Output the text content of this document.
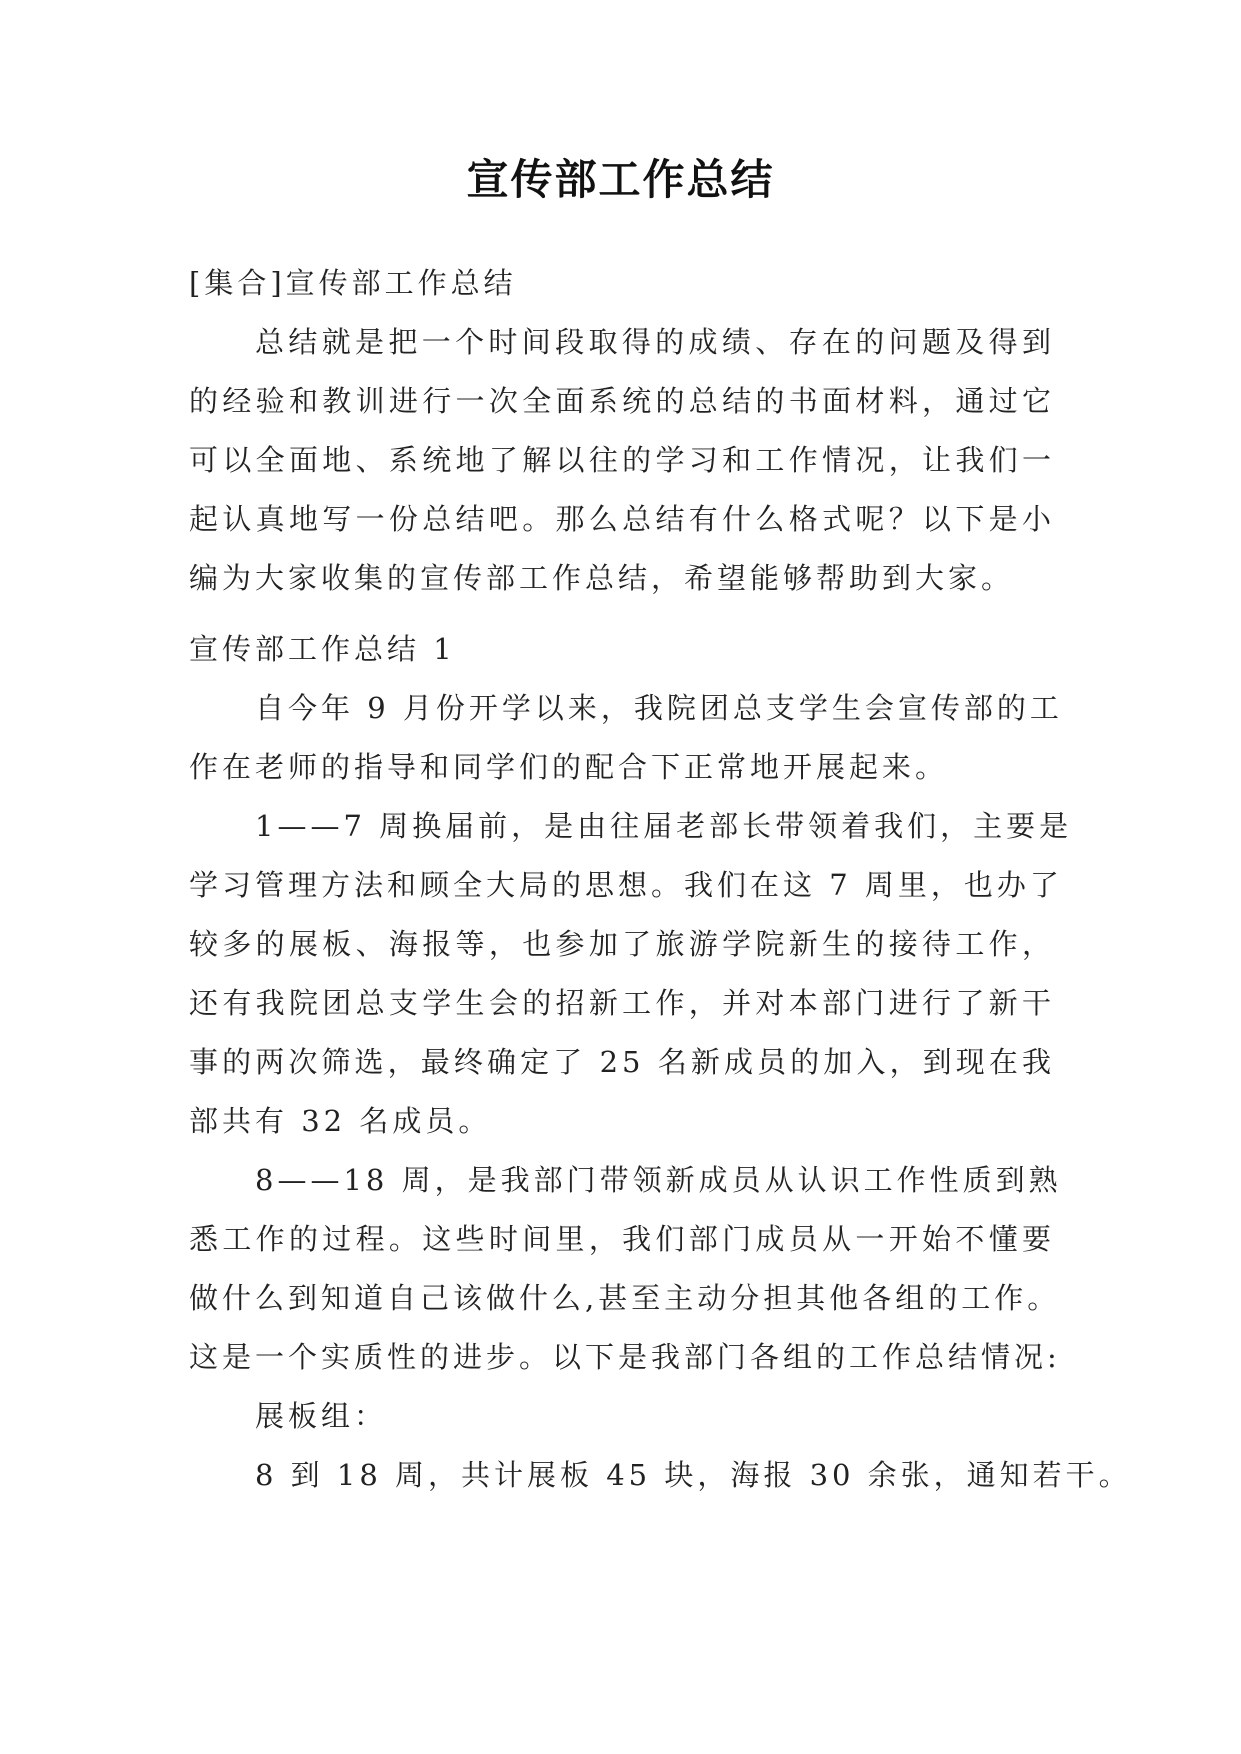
宣传部工作总结
[集合]宣传部工作总结
总结就是把一个时间段取得的成绩、存在的问题及得到
的经验和教训进行一次全面系统的总结的书面材料，通过它
可以全面地、系统地了解以往的学习和工作情况，让我们一
起认真地写一份总结吧。那么总结有什么格式呢？以下是小
编为大家收集的宣传部工作总结，希望能够帮助到大家。
宣传部工作总结 1
自今年 9 月份开学以来，我院团总支学生会宣传部的工
作在老师的指导和同学们的配合下正常地开展起来。
1——7 周换届前，是由往届老部长带领着我们，主要是
学习管理方法和顾全大局的思想。我们在这 7 周里，也办了
较多的展板、海报等，也参加了旅游学院新生的接待工作，
还有我院团总支学生会的招新工作，并对本部门进行了新干
事的两次筛选，最终确定了 25 名新成员的加入，到现在我
部共有 32 名成员。
8——18 周，是我部门带领新成员从认识工作性质到熟
悉工作的过程。这些时间里，我们部门成员从一开始不懂要
做什么到知道自己该做什么,甚至主动分担其他各组的工作。
这是一个实质性的进步。以下是我部门各组的工作总结情况:
展板组：
8 到 18 周，共计展板 45 块，海报 30 余张，通知若干。
